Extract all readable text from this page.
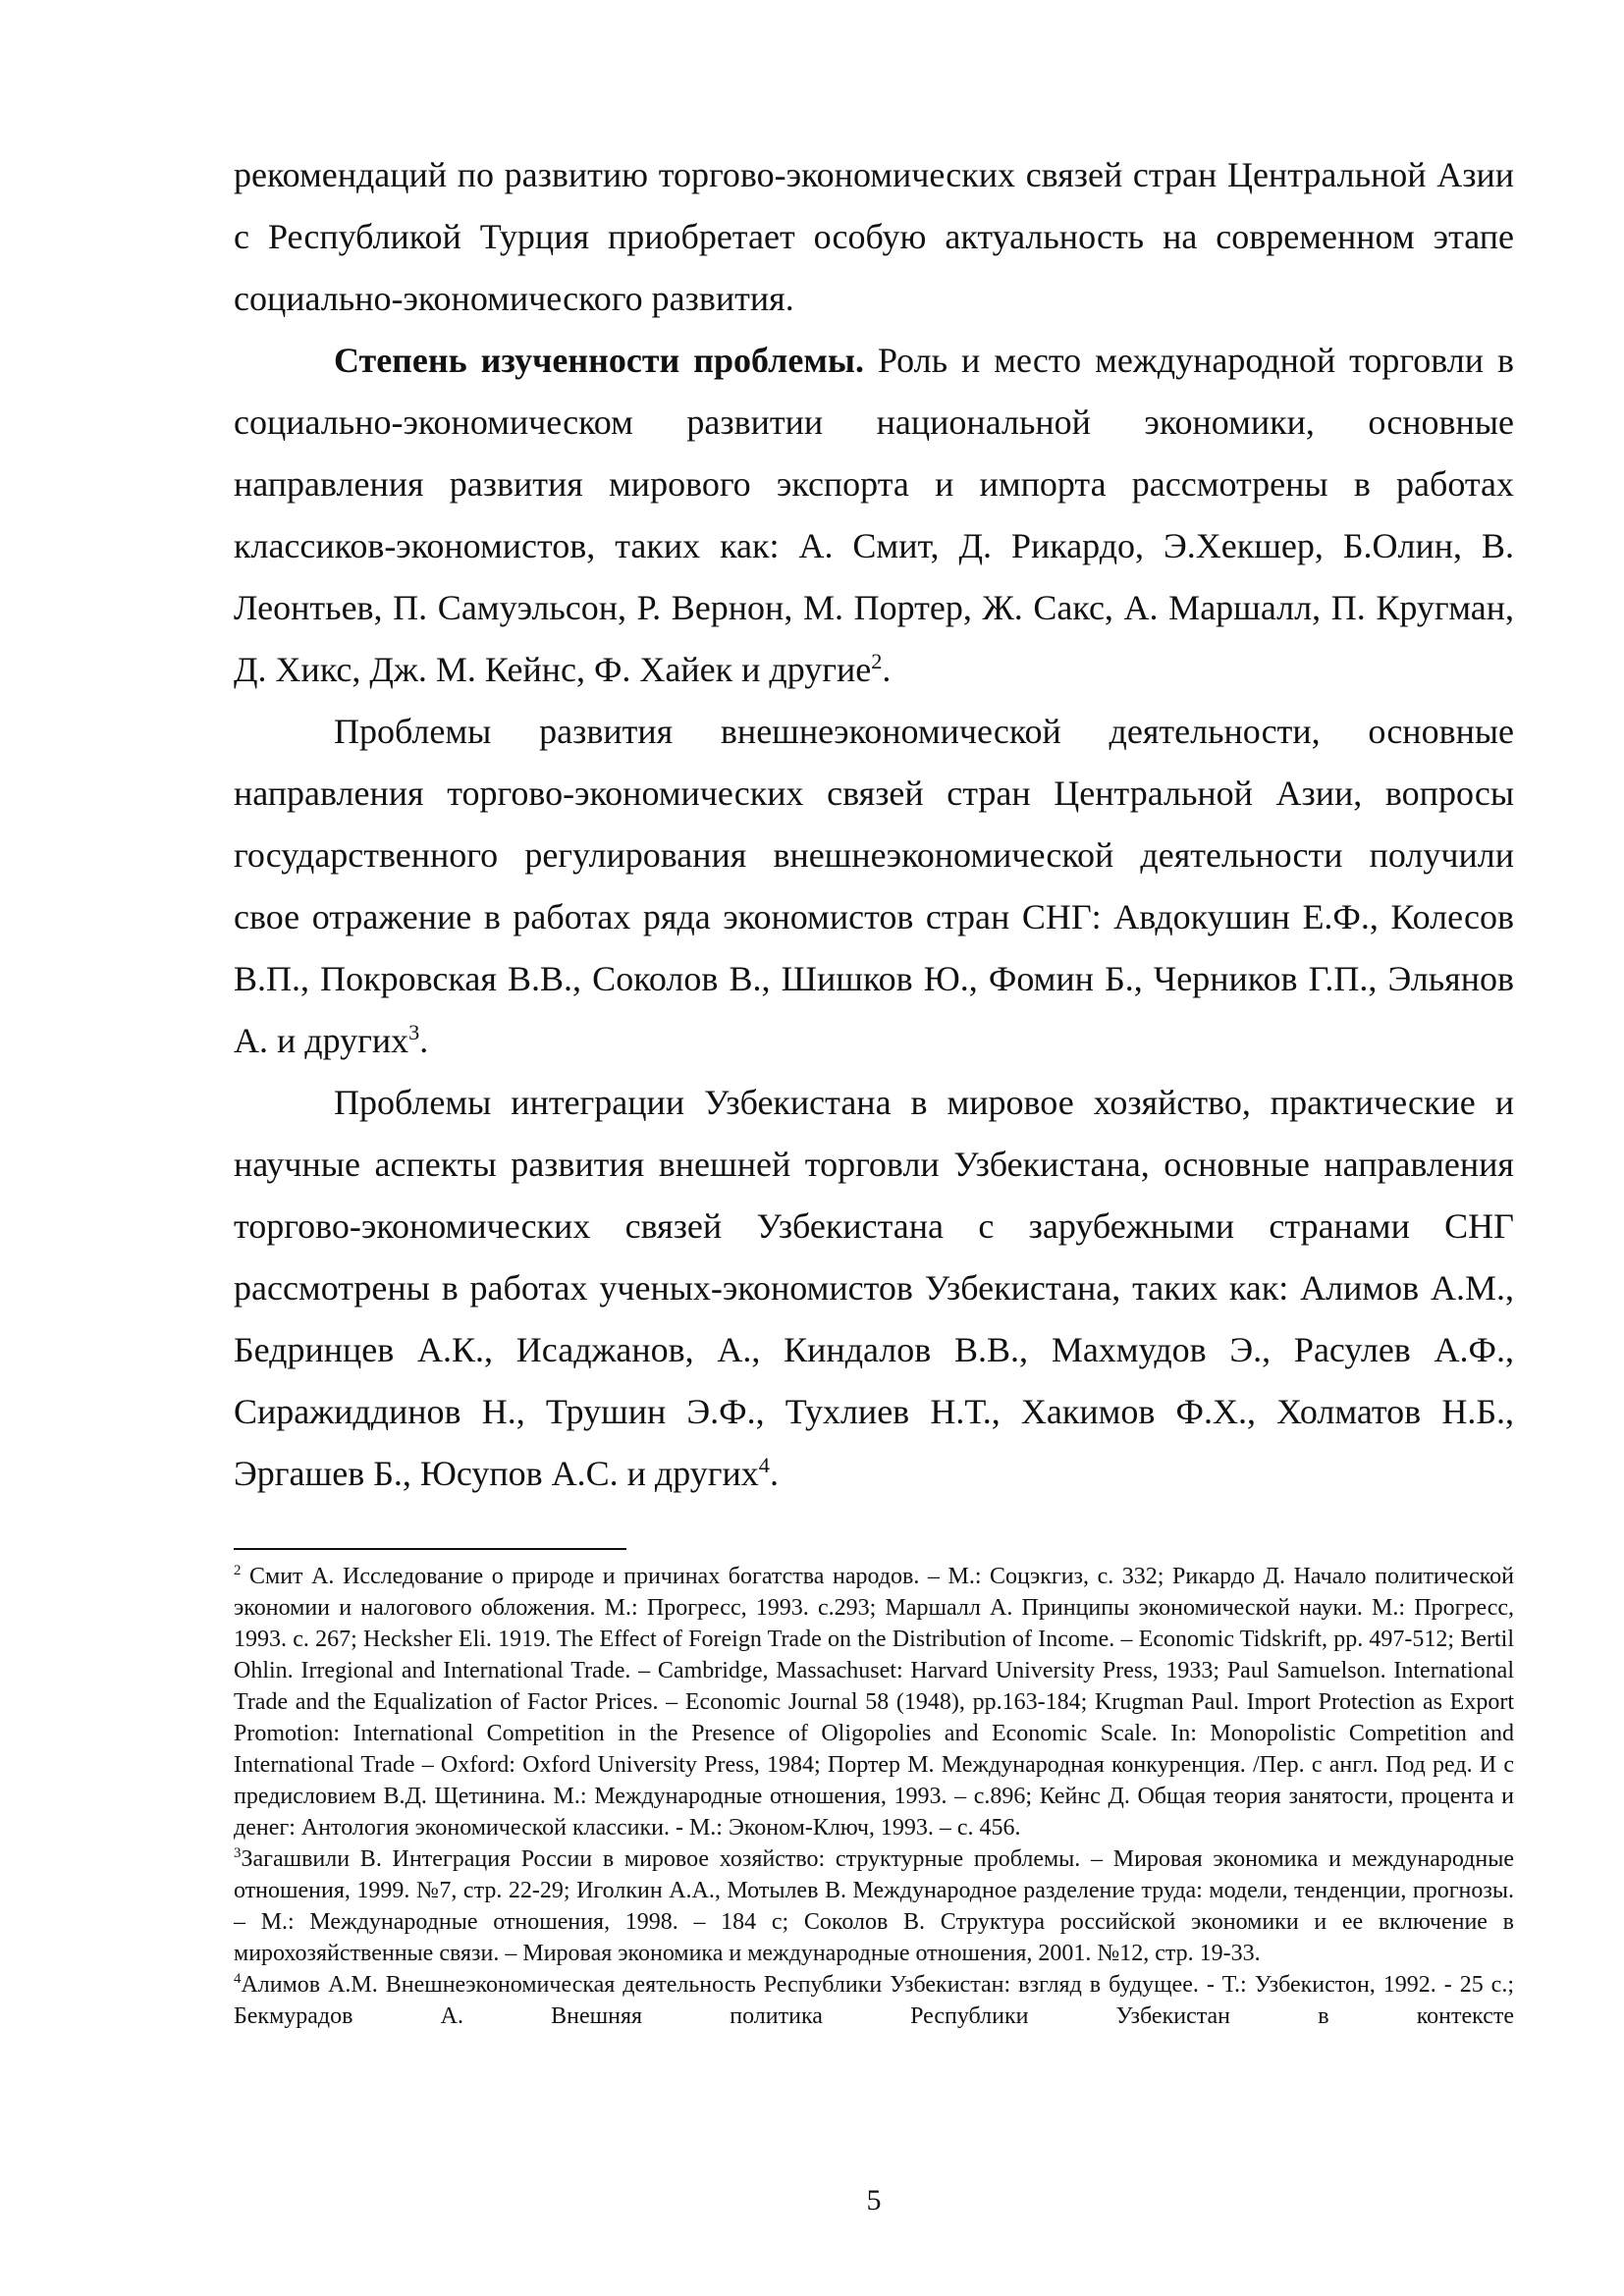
рекомендаций по развитию торгово-экономических связей стран Центральной Азии с Республикой Турция приобретает особую актуальность на современном этапе социально-экономического развития.

Степень изученности проблемы. Роль и место международной торговли в социально-экономическом развитии национальной экономики, основные направления развития мирового экспорта и импорта рассмотрены в работах классиков-экономистов, таких как: А. Смит, Д. Рикардо, Э.Хекшер, Б.Олин, В. Леонтьев, П. Самуэльсон, Р. Вернон, М. Портер, Ж. Сакс, А. Маршалл, П. Кругман, Д. Хикс, Дж. М. Кейнс, Ф. Хайек и другие$^2$.

Проблемы развития внешнеэкономической деятельности, основные направления торгово-экономических связей стран Центральной Азии, вопросы государственного регулирования внешнеэкономической деятельности получили свое отражение в работах ряда экономистов стран СНГ: Авдокушин Е.Ф., Колесов В.П., Покровская В.В., Соколов В., Шишков Ю., Фомин Б., Черников Г.П., Эльянов А. и других$^3$.

Проблемы интеграции Узбекистана в мировое хозяйство, практические и научные аспекты развития внешней торговли Узбекистана, основные направления торгово-экономических связей Узбекистана с зарубежными странами СНГ рассмотрены в работах ученых-экономистов Узбекистана, таких как: Алимов А.М., Бедринцев А.К., Исаджанов, А., Киндалов В.В., Махмудов Э., Расулев А.Ф., Сиражиддинов Н., Трушин Э.Ф., Тухлиев Н.Т., Хакимов Ф.Х., Холматов Н.Б., Эргашев Б., Юсупов А.С. и других$^4$.

$^2$ Смит А. Исследование о природе и причинах богатства народов. – М.: Соцэкгиз, с. 332; Рикардо Д. Начало политической экономии и налогового обложения. М.: Прогресс, 1993. с.293; Маршалл А. Принципы экономической науки. М.: Прогресс, 1993. с. 267; Hecksher Eli. 1919. The Effect of Foreign Trade on the Distribution of Income. – Economic Tidskrift, pp. 497-512; Bertil Ohlin. Irregional and International Trade. – Cambridge, Massachuset: Harvard University Press, 1933; Paul Samuelson. International Trade and the Equalization of Factor Prices. – Economic Journal 58 (1948), pp.163-184; Krugman Paul. Import Protection as Export Promotion: International Competition in the Presence of Oligopolies and Economic Scale. In: Monopolistic Competition and International Trade – Oxford: Oxford University Press, 1984; Портер М. Международная конкуренция. /Пер. с англ. Под ред. И с предисловием В.Д. Щетинина. М.: Международные отношения, 1993. – с.896; Кейнс Д. Общая теория занятости, процента и денег: Антология экономической классики. - М.: Эконом-Ключ, 1993. – с. 456.

$^3$Загашвили В. Интеграция России в мировое хозяйство: структурные проблемы. – Мировая экономика и международные отношения, 1999. №7, стр. 22-29; Иголкин А.А., Мотылев В. Международное разделение труда: модели, тенденции, прогнозы. – М.: Международные отношения, 1998. – 184 с; Соколов В. Структура российской экономики и ее включение в мирохозяйственные связи. – Мировая экономика и международные отношения, 2001. №12, стр. 19-33.

$^4$Алимов А.М. Внешнеэкономическая деятельность Республики Узбекистан: взгляд в будущее. - Т.: Узбекистон, 1992. - 25 с.; Бекмурадов А. Внешняя политика Республики Узбекистан в контексте

5
